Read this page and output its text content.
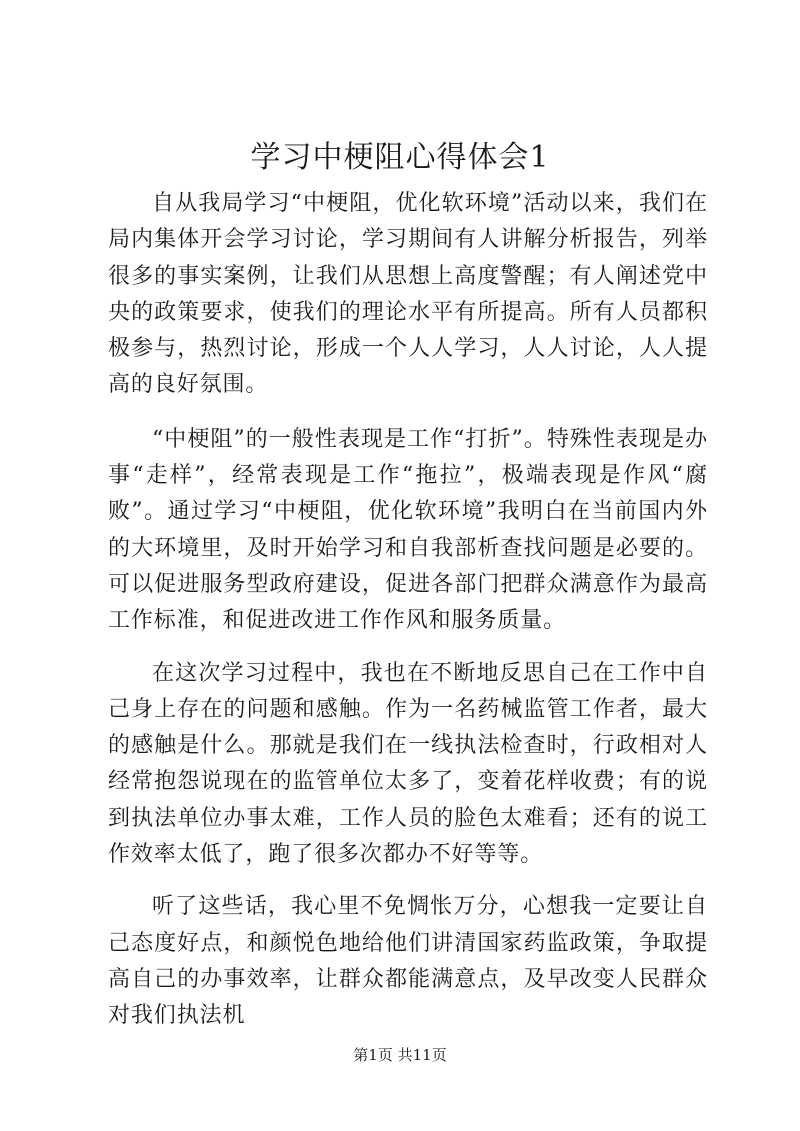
学习中梗阻心得体会1

自从我局学习“中梗阻，优化软环境”活动以来，我们在局内集体开会学习讨论，学习期间有人讲解分析报告，列举很多的事实案例，让我们从思想上高度警醒；有人阐述党中央的政策要求，使我们的理论水平有所提高。所有人员都积极参与，热烈讨论，形成一个人人学习，人人讨论，人人提高的良好氛围。

“中梗阻”的一般性表现是工作“打折”。特殊性表现是办事“走样”，经常表现是工作“拖拉”，极端表现是作风“腐败”。通过学习“中梗阻，优化软环境”我明白在当前国内外的大环境里，及时开始学习和自我部析查找问题是必要的。可以促进服务型政府建设，促进各部门把群众满意作为最高工作标准，和促进改进工作作风和服务质量。

在这次学习过程中，我也在不断地反思自己在工作中自己身上存在的问题和感触。作为一名药械监管工作者，最大的感触是什么。那就是我们在一线执法检查时，行政相对人经常抱怨说现在的监管单位太多了，变着花样收费；有的说到执法单位办事太难，工作人员的脸色太难看；还有的说工作效率太低了，跑了很多次都办不好等等。

听了这些话，我心里不免惆怅万分，心想我一定要让自己态度好点，和颜悦色地给他们讲清国家药监政策，争取提高自己的办事效率，让群众都能满意点，及早改变人民群众对我们执法机

第1页 共11页
